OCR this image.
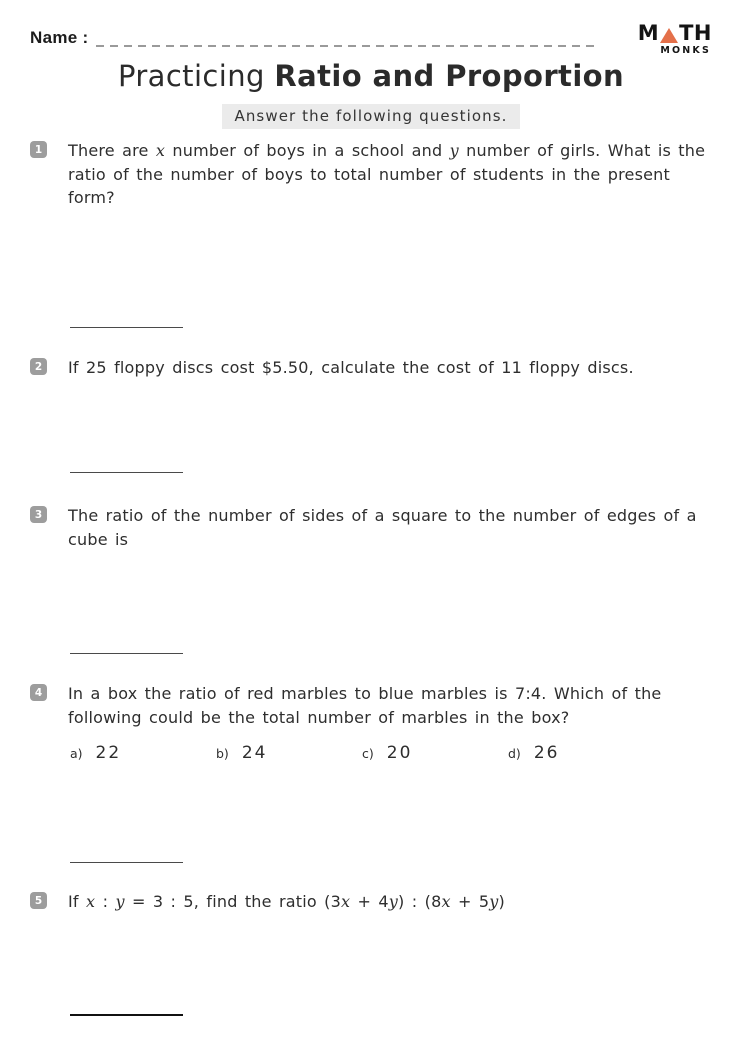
Name :	M TH
MONKS
Practicing Ratio and Proportion
Answer the following questions.
1	There are x number of boys in a school and y number of girls. What is the ratio of the number of boys to total number of students in the present form?

2	If 25 floppy discs cost $5.50, calculate the cost of 11 floppy discs.

3	The ratio of the number of sides of a square to the number of edges of a cube is

4	In a box the ratio of red marbles to blue marbles is 7:4. Which of the following could be the total number of marbles in the box?

a) 22	b) 24	c) 20	d) 26
5	If x : y = 3 : 5, find the ratio (3x + 4y) : (8x + 5y)
